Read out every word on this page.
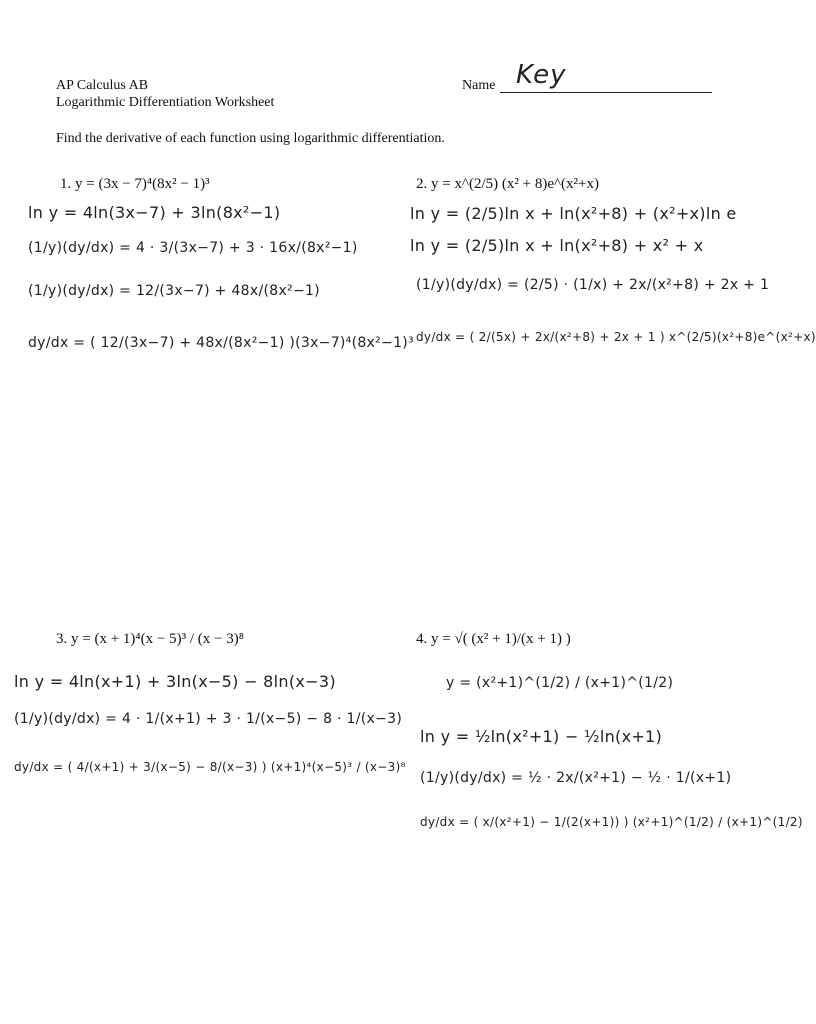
AP Calculus AB
Logarithmic Differentiation Worksheet
Name Key
Find the derivative of each function using logarithmic differentiation.
1. y = (3x − 7)⁴(8x² − 1)³
ln y = 4ln(3x−7) + 3ln(8x²−1)
(1/y)(dy/dx) = 4 · 3/(3x−7) + 3 · 16x/(8x²−1)
(1/y)(dy/dx) = 12/(3x−7) + 48x/(8x²−1)
dy/dx = ( 12/(3x−7) + 48x/(8x²−1) )(3x−7)⁴(8x²−1)³
2. y = x^(2/5) (x² + 8)e^(x²+x)
ln y = (2/5)ln x + ln(x²+8) + (x²+x)ln e
ln y = (2/5)ln x + ln(x²+8) + x² + x
(1/y)(dy/dx) = (2/5) · (1/x) + 2x/(x²+8) + 2x + 1
dy/dx = ( 2/(5x) + 2x/(x²+8) + 2x + 1 ) x^(2/5)(x²+8)e^(x²+x)
3. y = (x + 1)⁴(x − 5)³ / (x − 3)⁸
ln y = 4ln(x+1) + 3ln(x−5) − 8ln(x−3)
(1/y)(dy/dx) = 4 · 1/(x+1) + 3 · 1/(x−5) − 8 · 1/(x−3)
dy/dx = ( 4/(x+1) + 3/(x−5) − 8/(x−3) ) (x+1)⁴(x−5)³ / (x−3)⁸
4. y = √( (x² + 1)/(x + 1) )
y = (x²+1)^(1/2) / (x+1)^(1/2)
ln y = ½ln(x²+1) − ½ln(x+1)
(1/y)(dy/dx) = ½ · 2x/(x²+1) − ½ · 1/(x+1)
dy/dx = ( x/(x²+1) − 1/(2(x+1)) ) (x²+1)^(1/2) / (x+1)^(1/2)
